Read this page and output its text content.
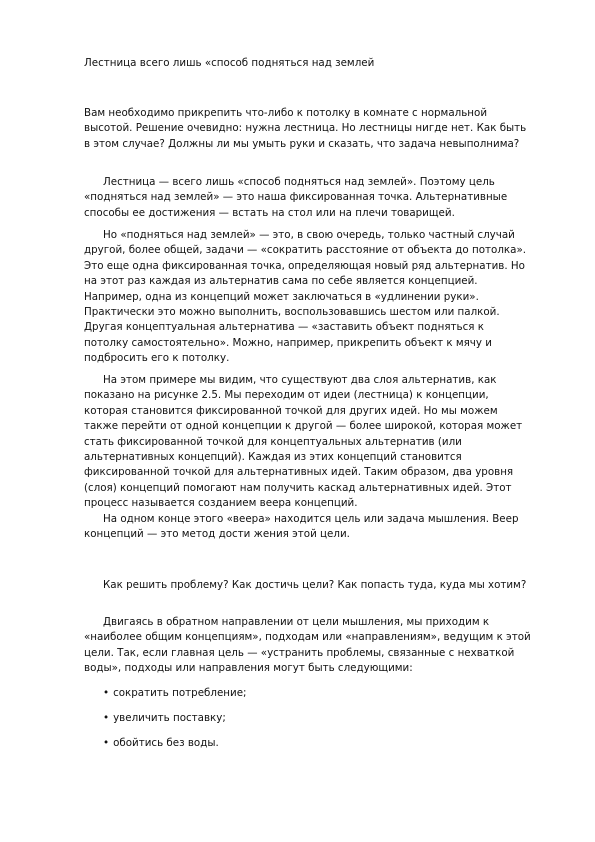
Лестница всего лишь «способ подняться над землей

Вам необходимо прикрепить что-либо к потолку в комнате с нормальной высотой. Решение очевидно: нужна лестница. Но лестницы нигде нет. Как быть в этом случае? Должны ли мы умыть руки и сказать, что задача невыполнима?

Лестница — всего лишь «способ подняться над землей». Поэтому цель «подняться над землей» — это наша фиксированная точка. Альтернативные способы ее достижения — встать на стол или на плечи товарищей.

Но «подняться над землей» — это, в свою очередь, только частный случай другой, более общей, задачи — «сократить расстояние от объекта до потолка». Это еще одна фиксированная точка, определяющая новый ряд альтернатив. Но на этот раз каждая из альтернатив сама по себе является концепцией. Например, одна из концепций может заключаться в «удлинении руки». Практически это можно выполнить, воспользовавшись шестом или палкой. Другая концептуальная альтернатива — «заставить объект подняться к потолку самостоятельно». Можно, например, прикрепить объект к мячу и подбросить его к потолку.

На этом примере мы видим, что существуют два слоя альтернатив, как показано на рисунке 2.5. Мы переходим от идеи (лестница) к концепции, которая становится фиксированной точкой для других идей. Но мы можем также перейти от одной концепции к другой — более широкой, которая может стать фиксированной точкой для концептуальных альтернатив (или альтернативных концепций). Каждая из этих концепций становится фиксированной точкой для альтернативных идей. Таким образом, два уровня (слоя) концепций помогают нам получить каскад альтернативных идей. Этот процесс называется созданием веера концепций.

На одном конце этого «веера» находится цель или задача мышления. Веер концепций — это метод дости жения этой цели.

Как решить проблему? Как достичь цели? Как попасть туда, куда мы хотим?

Двигаясь в обратном направлении от цели мышления, мы приходим к «наиболее общим концепциям», подходам или «направлениям», ведущим к этой цели. Так, если главная цель — «устранить проблемы, связанные с нехваткой воды», подходы или направления могут быть следующими:

• сократить потребление;
• увеличить поставку;
• обойтись без воды.
